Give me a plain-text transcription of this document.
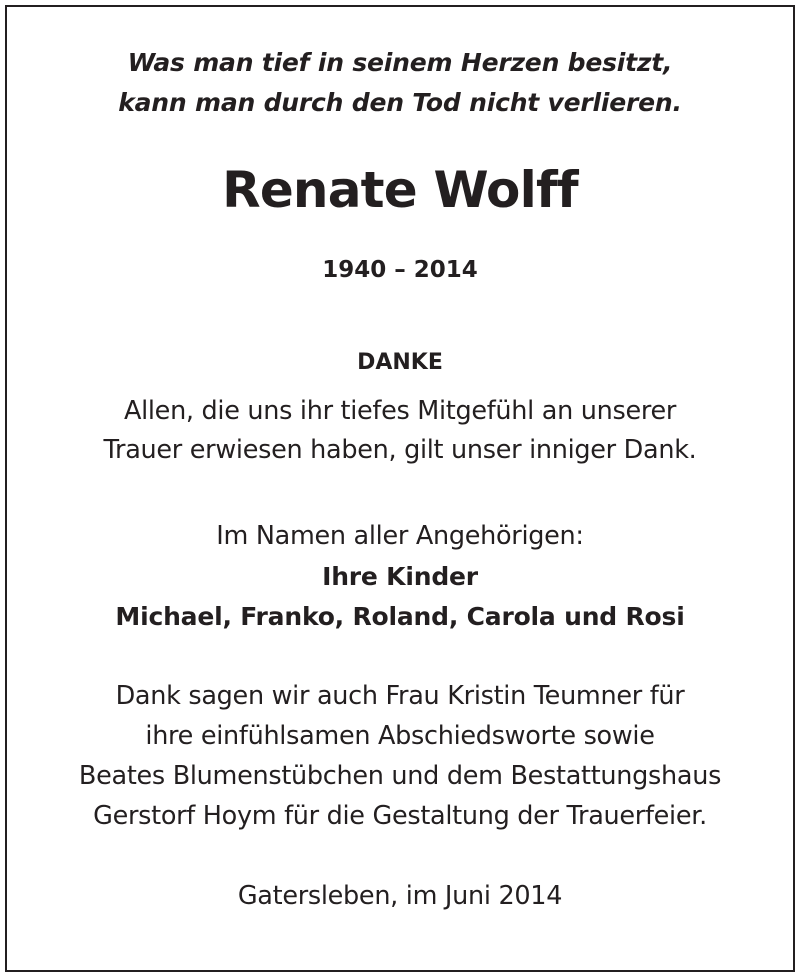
Was man tief in seinem Herzen besitzt,
kann man durch den Tod nicht verlieren.
Renate Wolff
1940 – 2014
DANKE
Allen, die uns ihr tiefes Mitgefühl an unserer
Trauer erwiesen haben, gilt unser inniger Dank.
Im Namen aller Angehörigen:
Ihre Kinder
Michael, Franko, Roland, Carola und Rosi
Dank sagen wir auch Frau Kristin Teumner für
ihre einfühlsamen Abschiedsworte sowie
Beates Blumenstübchen und dem Bestattungshaus
Gerstorf Hoym für die Gestaltung der Trauerfeier.
Gatersleben, im Juni 2014
